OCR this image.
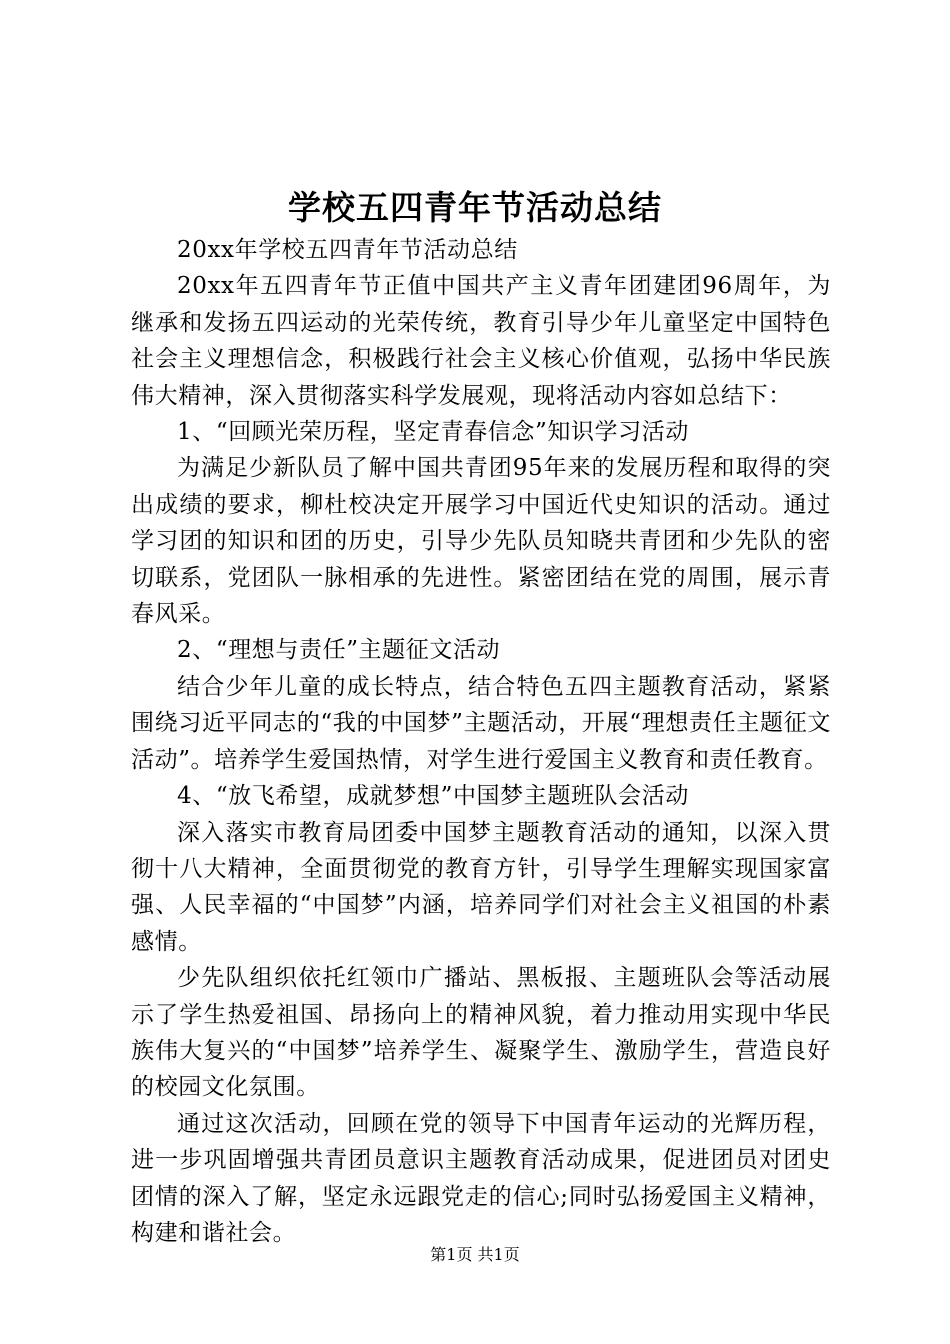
学校五四青年节活动总结

20xx年学校五四青年节活动总结

20xx年五四青年节正值中国共产主义青年团建团96周年，为继承和发扬五四运动的光荣传统，教育引导少年儿童坚定中国特色社会主义理想信念，积极践行社会主义核心价值观，弘扬中华民族伟大精神，深入贯彻落实科学发展观，现将活动内容如总结下：

1、“回顾光荣历程，坚定青春信念”知识学习活动

为满足少新队员了解中国共青团95年来的发展历程和取得的突出成绩的要求，柳杜校决定开展学习中国近代史知识的活动。通过学习团的知识和团的历史，引导少先队员知晓共青团和少先队的密切联系，党团队一脉相承的先进性。紧密团结在党的周围，展示青春风采。

2、“理想与责任”主题征文活动

结合少年儿童的成长特点，结合特色五四主题教育活动，紧紧围绕习近平同志的“我的中国梦”主题活动，开展“理想责任主题征文活动”。培养学生爱国热情，对学生进行爱国主义教育和责任教育。

4、“放飞希望，成就梦想”中国梦主题班队会活动

深入落实市教育局团委中国梦主题教育活动的通知，以深入贯彻十八大精神，全面贯彻党的教育方针，引导学生理解实现国家富强、人民幸福的“中国梦”内涵，培养同学们对社会主义祖国的朴素感情。

少先队组织依托红领巾广播站、黑板报、主题班队会等活动展示了学生热爱祖国、昂扬向上的精神风貌，着力推动用实现中华民族伟大复兴的“中国梦”培养学生、凝聚学生、激励学生，营造良好的校园文化氛围。

通过这次活动，回顾在党的领导下中国青年运动的光辉历程，进一步巩固增强共青团员意识主题教育活动成果，促进团员对团史团情的深入了解，坚定永远跟党走的信心;同时弘扬爱国主义精神，构建和谐社会。

第1页 共1页
